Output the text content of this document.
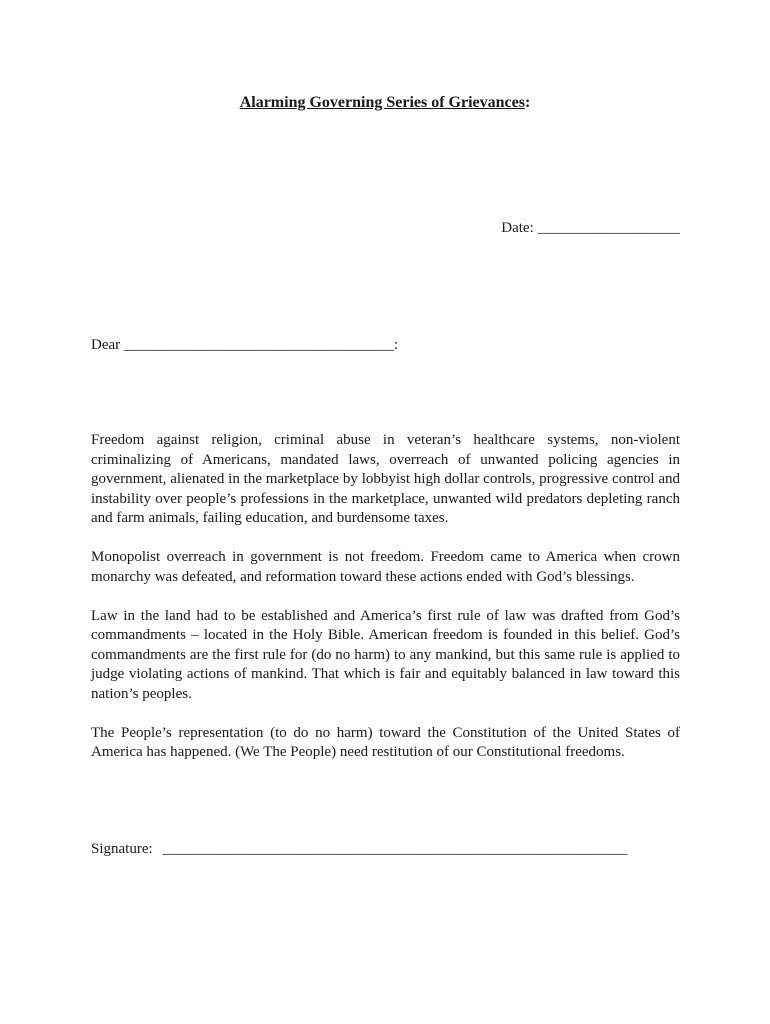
Alarming Governing Series of Grievances:
Date: ___________________
Dear ____________________________________:

Freedom against religion, criminal abuse in veteran’s healthcare systems, non-violent criminalizing of Americans, mandated laws, overreach of unwanted policing agencies in government, alienated in the marketplace by lobbyist high dollar controls, progressive control and instability over people’s professions in the marketplace, unwanted wild predators depleting ranch and farm animals, failing education, and burdensome taxes.

Monopolist overreach in government is not freedom. Freedom came to America when crown monarchy was defeated, and reformation toward these actions ended with God’s blessings.

Law in the land had to be established and America’s first rule of law was drafted from God’s commandments – located in the Holy Bible. American freedom is founded in this belief. God’s commandments are the first rule for (do no harm) to any mankind, but this same rule is applied to judge violating actions of mankind. That which is fair and equitably balanced in law toward this nation’s peoples.

The People’s representation (to do no harm) toward the Constitution of the United States of America has happened. (We The People) need restitution of our Constitutional freedoms.

Signature: ______________________________________________________________
